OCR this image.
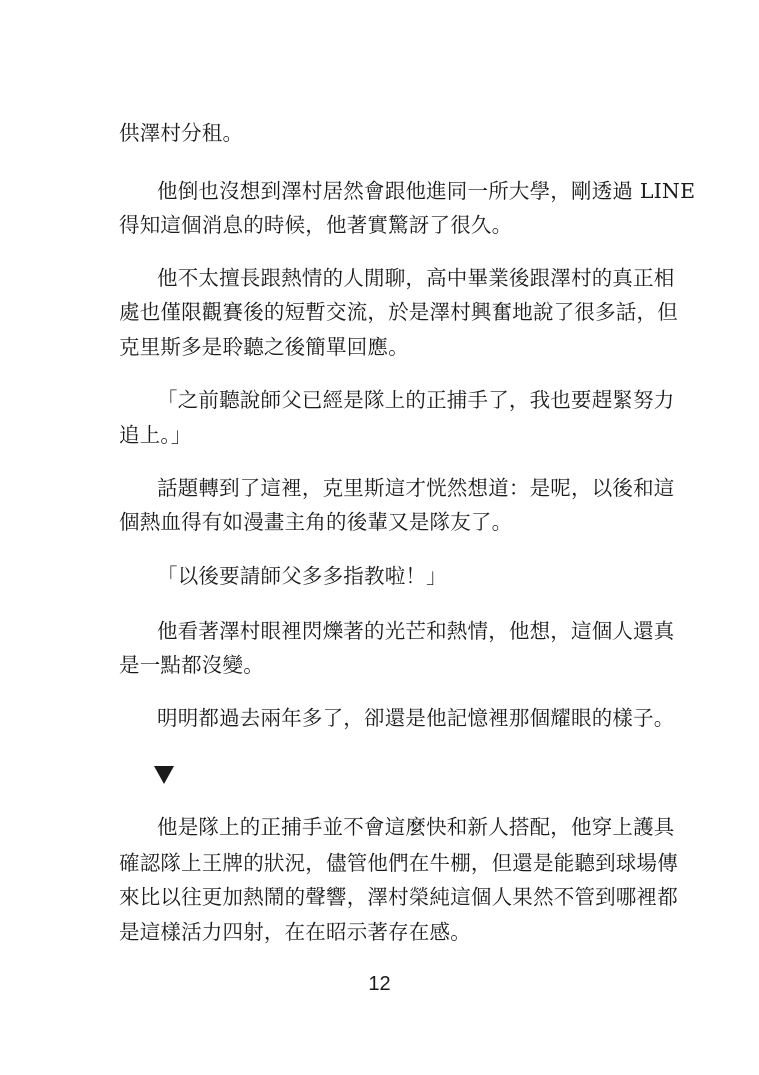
供澤村分租。
他倒也沒想到澤村居然會跟他進同一所大學，剛透過 LINE
得知這個消息的時候，他著實驚訝了很久。
他不太擅長跟熱情的人閒聊，高中畢業後跟澤村的真正相
處也僅限觀賽後的短暫交流，於是澤村興奮地說了很多話，但
克里斯多是聆聽之後簡單回應。
「之前聽說師父已經是隊上的正捕手了，我也要趕緊努力
追上。」
話題轉到了這裡，克里斯這才恍然想道：是呢，以後和這
個熱血得有如漫畫主角的後輩又是隊友了。
「以後要請師父多多指教啦！」
他看著澤村眼裡閃爍著的光芒和熱情，他想，這個人還真
是一點都沒變。
明明都過去兩年多了，卻還是他記憶裡那個耀眼的樣子。
他是隊上的正捕手並不會這麼快和新人搭配，他穿上護具
確認隊上王牌的狀況，儘管他們在牛棚，但還是能聽到球場傳
來比以往更加熱鬧的聲響，澤村榮純這個人果然不管到哪裡都
是這樣活力四射，在在昭示著存在感。
12
